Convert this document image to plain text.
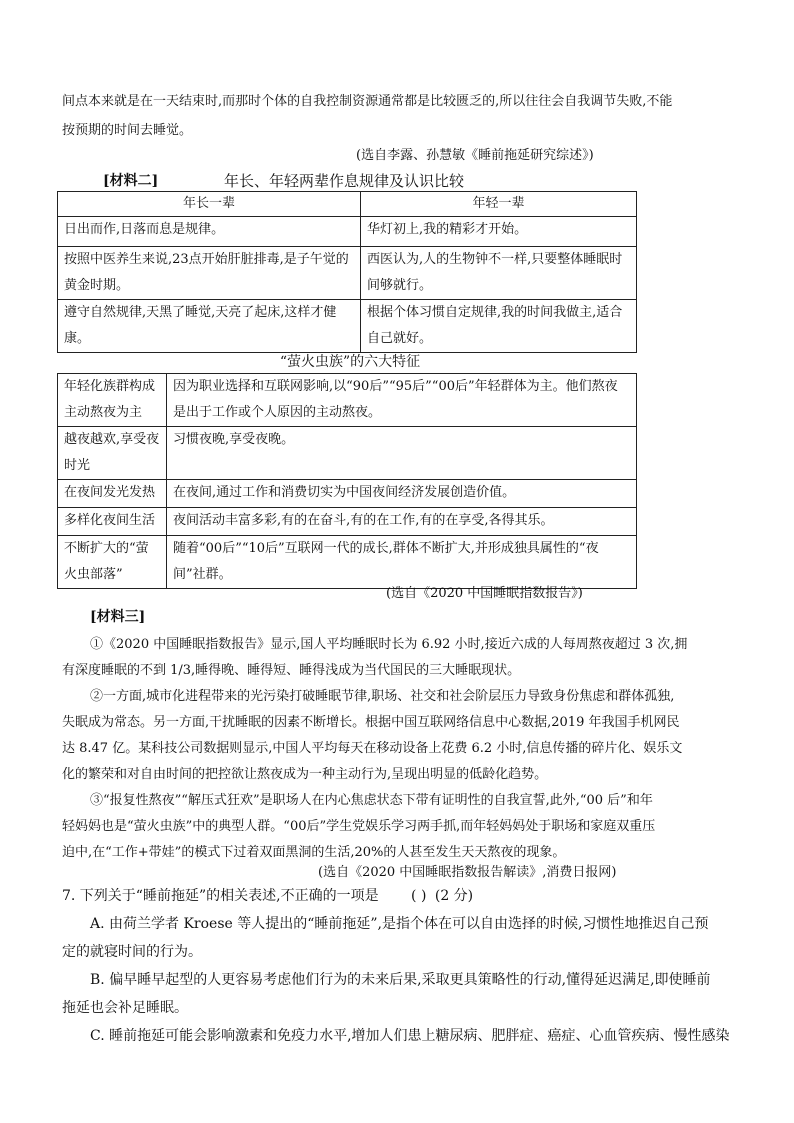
间点本来就是在一天结束时,而那时个体的自我控制资源通常都是比较匮乏的,所以往往会自我调节失败,不能
按预期的时间去睡觉。
(选自李露、孙慧敏《睡前拖延研究综述》)
[材料二]	年长、年轻两辈作息规律及认识比较
年长一辈	年轻一辈
日出而作,日落而息是规律。	华灯初上,我的精彩才开始。
按照中医养生来说,23点开始肝脏排毒,是子午觉的黄金时期。	西医认为,人的生物钟不一样,只要整体睡眠时间够就行。
遵守自然规律,天黑了睡觉,天亮了起床,这样才健康。	根据个体习惯自定规律,我的时间我做主,适合自己就好。
“萤火虫族”的六大特征
年轻化族群构成主动熬夜为主	因为职业选择和互联网影响,以“90后”“95后”“00后”年轻群体为主。他们熬夜是出于工作或个人原因的主动熬夜。
越夜越欢,享受夜时光	习惯夜晚,享受夜晚。
在夜间发光发热	在夜间,通过工作和消费切实为中国夜间经济发展创造价值。
多样化夜间生活	夜间活动丰富多彩,有的在奋斗,有的在工作,有的在享受,各得其乐。
不断扩大的“萤火虫部落”	随着“00后”“10后”互联网一代的成长,群体不断扩大,并形成独具属性的“夜间”社群。
(选自《2020 中国睡眠指数报告》)
[材料三]
①《2020 中国睡眠指数报告》显示,国人平均睡眠时长为 6.92 小时,接近六成的人每周熬夜超过 3 次,拥
有深度睡眠的不到 1/3,睡得晚、睡得短、睡得浅成为当代国民的三大睡眠现状。
②一方面,城市化进程带来的光污染打破睡眠节律,职场、社交和社会阶层压力导致身份焦虑和群体孤独,
失眠成为常态。另一方面,干扰睡眠的因素不断增长。根据中国互联网络信息中心数据,2019 年我国手机网民
达 8.47 亿。某科技公司数据则显示,中国人平均每天在移动设备上花费 6.2 小时,信息传播的碎片化、娱乐文
化的繁荣和对自由时间的把控欲让熬夜成为一种主动行为,呈现出明显的低龄化趋势。
③“报复性熬夜”“解压式狂欢”是职场人在内心焦虑状态下带有证明性的自我宣誓,此外,“00 后”和年
轻妈妈也是“萤火虫族”中的典型人群。“00后”学生党娱乐学习两手抓,而年轻妈妈处于职场和家庭双重压
迫中,在“工作+带娃”的模式下过着双面黑洞的生活,20%的人甚至发生天天熬夜的现象。
(选自《2020 中国睡眠指数报告解读》,消费日报网)
7. 下列关于“睡前拖延”的相关表述,不正确的一项是 ( ) (2 分)
A. 由荷兰学者 Kroese 等人提出的“睡前拖延”,是指个体在可以自由选择的时候,习惯性地推迟自己预
定的就寝时间的行为。
B. 偏早睡早起型的人更容易考虑他们行为的未来后果,采取更具策略性的行动,懂得延迟满足,即使睡前
拖延也会补足睡眠。
C. 睡前拖延可能会影响激素和免疫力水平,增加人们患上糖尿病、肥胖症、癌症、心血管疾病、慢性感染
